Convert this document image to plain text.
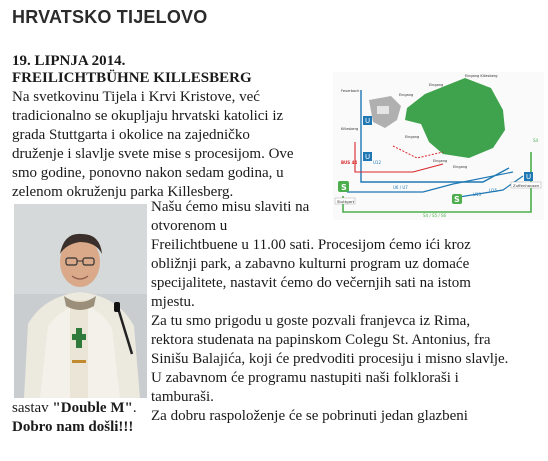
HRVATSKO TIJELOVO
19. LIPNJA 2014.
FREILICHTBÜHNE KILLESBERG

Na svetkovinu Tijela i Krvi Kristove, već
tradicionalno se okupljaju hrvatski katolici iz
grada Stuttgarta i okolice na zajedničko
druženje i slavlje svete mise s procesijom. Ove
smo godine, ponovno nakon sedam godina, u
zelenom okruženju parka Killesberg.

U
U
S
S
U
Eingang Killesberg
Eingang
Eingang
Eingang
Eingang
Eingang
Feuerbach
Killesberg
BUS 44	U12
U6 / U7
U13
U15
S4 / S5 / S6
S4
Stuttgart
Zuffenhausen

Našu ćemo misu slaviti na
otvorenom u
Freilichtbuene u 11.00 sati. Procesijom ćemo ići kroz
obližnji park, a zabavno kulturni program uz domaće
specijalitete, nastavit ćemo do večernjih sati na istom
mjestu.
Za tu smo prigodu u goste pozvali franjevca iz Rima,
rektora studenata na papinskom Colegu St. Antonius, fra
Sinišu Balajića, koji će predvoditi procesiju i misno slavlje.
U zabavnom će programu nastupiti naši folkloraši i
tamburaši.
Za dobru raspoloženje će se pobrinuti jedan glazbeni

sastav "Double M".
Dobro nam došli!!!
